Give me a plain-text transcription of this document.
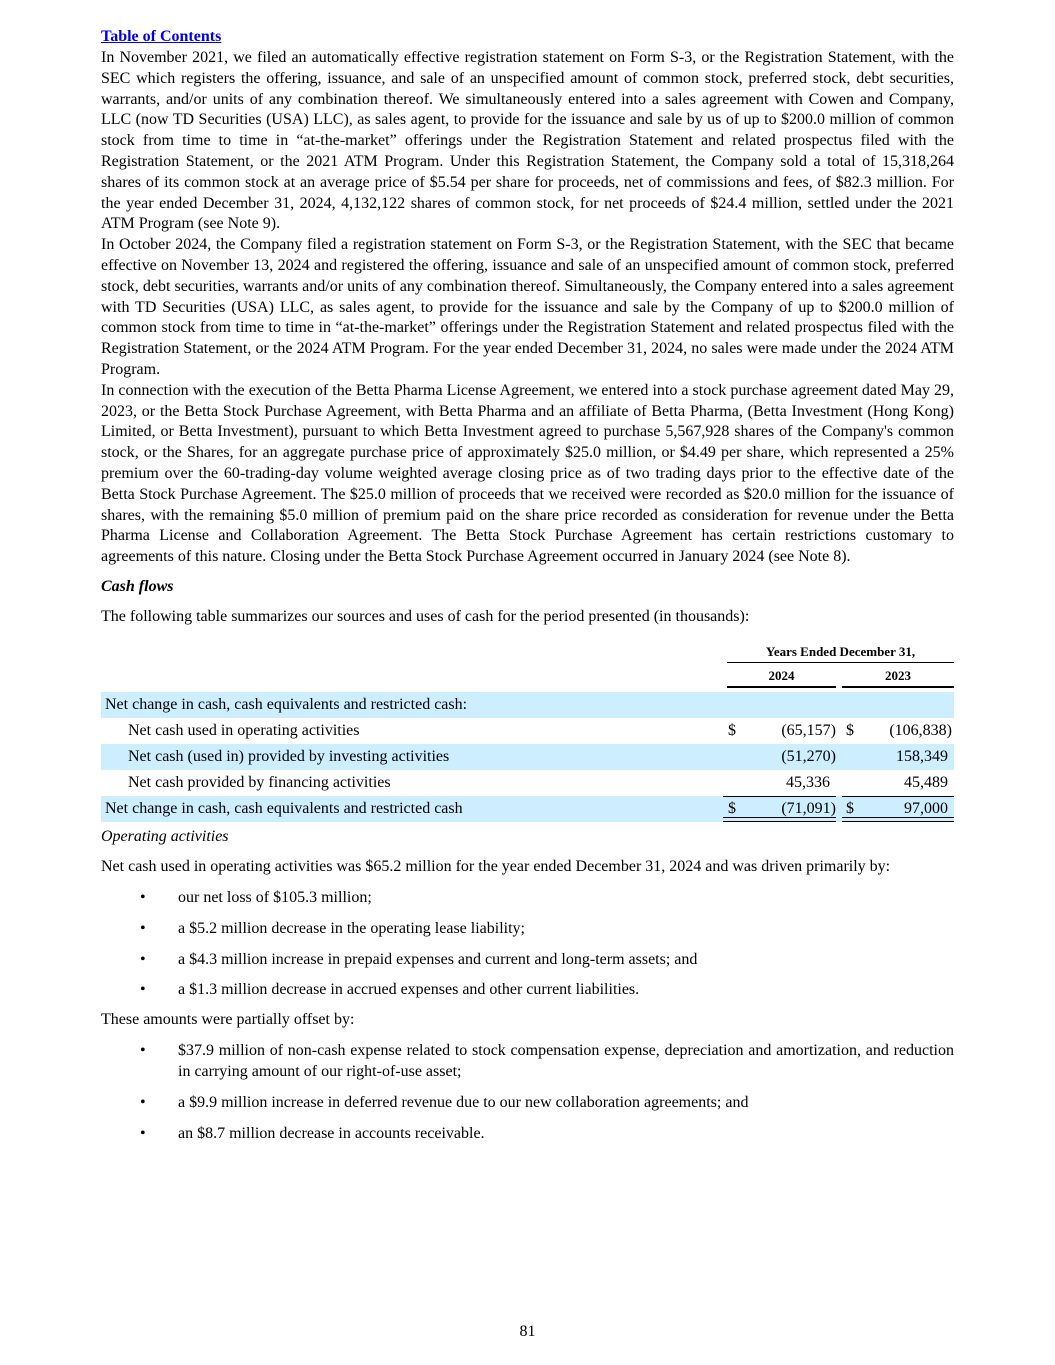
Table of Contents

In November 2021, we filed an automatically effective registration statement on Form S-3, or the Registration Statement, with the SEC which registers the offering, issuance, and sale of an unspecified amount of common stock, preferred stock, debt securities, warrants, and/or units of any combination thereof. We simultaneously entered into a sales agreement with Cowen and Company, LLC (now TD Securities (USA) LLC), as sales agent, to provide for the issuance and sale by us of up to $200.0 million of common stock from time to time in “at-the-market” offerings under the Registration Statement and related prospectus filed with the Registration Statement, or the 2021 ATM Program. Under this Registration Statement, the Company sold a total of 15,318,264 shares of its common stock at an average price of $5.54 per share for proceeds, net of commissions and fees, of $82.3 million. For the year ended December 31, 2024, 4,132,122 shares of common stock, for net proceeds of $24.4 million, settled under the 2021 ATM Program (see Note 9).

In October 2024, the Company filed a registration statement on Form S-3, or the Registration Statement, with the SEC that became effective on November 13, 2024 and registered the offering, issuance and sale of an unspecified amount of common stock, preferred stock, debt securities, warrants and/or units of any combination thereof. Simultaneously, the Company entered into a sales agreement with TD Securities (USA) LLC, as sales agent, to provide for the issuance and sale by the Company of up to $200.0 million of common stock from time to time in “at-the-market” offerings under the Registration Statement and related prospectus filed with the Registration Statement, or the 2024 ATM Program. For the year ended December 31, 2024, no sales were made under the 2024 ATM Program.

In connection with the execution of the Betta Pharma License Agreement, we entered into a stock purchase agreement dated May 29, 2023, or the Betta Stock Purchase Agreement, with Betta Pharma and an affiliate of Betta Pharma, (Betta Investment (Hong Kong) Limited, or Betta Investment), pursuant to which Betta Investment agreed to purchase 5,567,928 shares of the Company's common stock, or the Shares, for an aggregate purchase price of approximately $25.0 million, or $4.49 per share, which represented a 25% premium over the 60-trading-day volume weighted average closing price as of two trading days prior to the effective date of the Betta Stock Purchase Agreement. The $25.0 million of proceeds that we received were recorded as $20.0 million for the issuance of shares, with the remaining $5.0 million of premium paid on the share price recorded as consideration for revenue under the Betta Pharma License and Collaboration Agreement. The Betta Stock Purchase Agreement has certain restrictions customary to agreements of this nature. Closing under the Betta Stock Purchase Agreement occurred in January 2024 (see Note 8).

Cash flows
The following table summarizes our sources and uses of cash for the period presented (in thousands):
Years Ended December 31,
2024	2023
Net change in cash, cash equivalents and restricted cash:
Net cash used in operating activities	$	(65,157) $ (106,838)
Net cash (used in) provided by investing activities	(51,270)	158,349
Net cash provided by financing activities	45,336	45,489
Net change in cash, cash equivalents and restricted cash	$	(71,091) $	97,000
Operating activities
Net cash used in operating activities was $65.2 million for the year ended December 31, 2024 and was driven primarily by:
• our net loss of $105.3 million;
• a $5.2 million decrease in the operating lease liability;
• a $4.3 million increase in prepaid expenses and current and long-term assets; and
• a $1.3 million decrease in accrued expenses and other current liabilities.
These amounts were partially offset by:
• $37.9 million of non-cash expense related to stock compensation expense, depreciation and amortization, and reduction in carrying amount of our right-of-use asset;
• a $9.9 million increase in deferred revenue due to our new collaboration agreements; and
• an $8.7 million decrease in accounts receivable.
81
